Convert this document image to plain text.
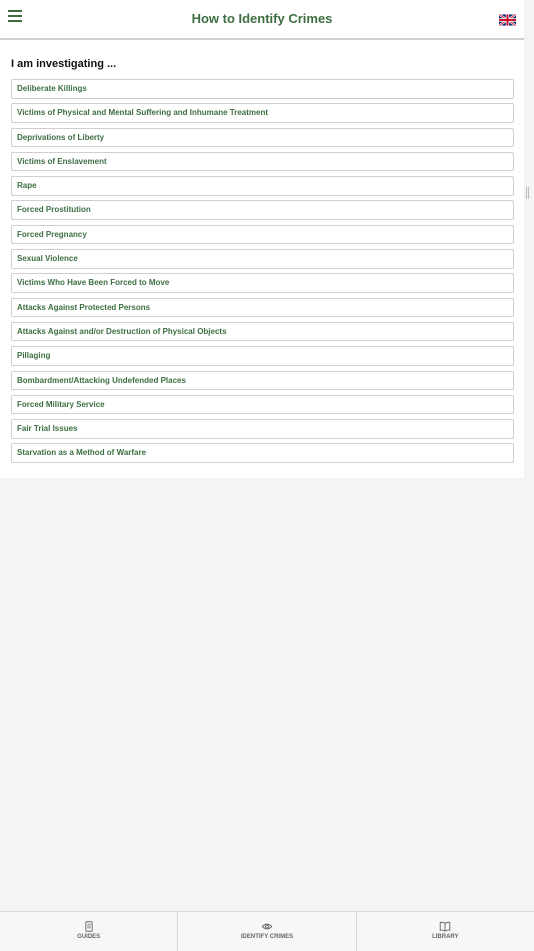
How to Identify Crimes
I am investigating ...
Deliberate Killings
Victims of Physical and Mental Suffering and Inhumane Treatment
Deprivations of Liberty
Victims of Enslavement
Rape
Forced Prostitution
Forced Pregnancy
Sexual Violence
Victims Who Have Been Forced to Move
Attacks Against Protected Persons
Attacks Against and/or Destruction of Physical Objects
Pillaging
Bombardment/Attacking Undefended Places
Forced Military Service
Fair Trial Issues
Starvation as a Method of Warfare
GUIDES	IDENTIFY CRIMES	LIBRARY
